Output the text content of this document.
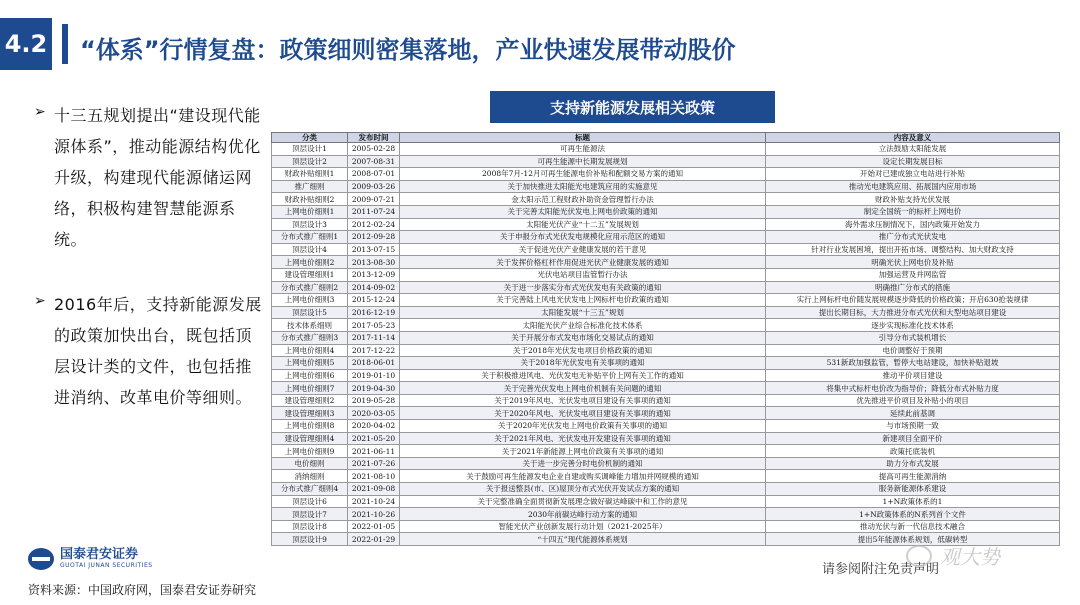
4.2 “体系”行情复盘：政策细则密集落地，产业快速发展带动股价
➢ 十三五规划提出“建设现代能源体系”，推动能源结构优化升级，构建现代能源储运网络，积极构建智慧能源系统。
➢ 2016年后，支持新能源发展的政策加快出台，既包括顶层设计类的文件，也包括推进消纳、改革电价等细则。
支持新能源发展相关政策
分类	发布时间	标题	内容及意义
顶层设计1	2005-02-28	可再生能源法	立法鼓励太阳能发展
顶层设计2	2007-08-31	可再生能源中长期发展规划	设定长期发展目标
财政补贴细则1	2008-07-01	2008年7月-12月可再生能源电价补贴和配额交易方案的通知	开始对已建成独立电站进行补贴
推广细则	2009-03-26	关于加快推进太阳能光电建筑应用的实施意见	推动光电建筑应用、拓展国内应用市场
财政补贴细则2	2009-07-21	金太阳示范工程财政补助资金管理暂行办法	财政补贴支持光伏发展
上网电价细则1	2011-07-24	关于完善太阳能光伏发电上网电价政策的通知	制定全国统一的标杆上网电价
顶层设计3	2012-02-24	太阳能光伏产业“十二五”发展规划	海外需求压制情况下，国内政策开始发力
分布式推广细则1	2012-09-28	关于申报分布式光伏发电规模化应用示范区的通知	推广分布式光伏发电
顶层设计4	2013-07-15	关于促进光伏产业健康发展的若干意见	针对行业发展困境，提出开拓市场、调整结构、加大财政支持
上网电价细则2	2013-08-30	关于发挥价格杠杆作用促进光伏产业健康发展的通知	明确光伏上网电价及补贴
建设管理细则1	2013-12-09	光伏电站项目监管暂行办法	加强运营及并网监管
分布式推广细则2	2014-09-02	关于进一步落实分布式光伏发电有关政策的通知	明确推广分布式的措施
上网电价细则3	2015-12-24	关于完善陆上风电光伏发电上网标杆电价政策的通知	实行上网标杆电价随发展规模逐步降低的价格政策；开启630抢装规律
顶层设计5	2016-12-19	太阳能发展“十三五”规划	提出长期目标，大力推进分布式光伏和大型电站项目建设
技术体系细则	2017-05-23	太阳能光伏产业综合标准化技术体系	逐步实现标准化技术体系
分布式推广细则3	2017-11-14	关于开展分布式发电市场化交易试点的通知	引导分布式装机增长
上网电价细则4	2017-12-22	关于2018年光伏发电项目价格政策的通知	电价调整好于预期
上网电价细则5	2018-06-01	关于2018年光伏发电有关事项的通知	531新政加强监管，暂停大电站建设，加快补贴退坡
上网电价细则6	2019-01-10	关于积极推进风电、光伏发电无补贴平价上网有关工作的通知	推动平价项目建设
上网电价细则7	2019-04-30	关于完善光伏发电上网电价机制有关问题的通知	将集中式标杆电价改为指导价；降低分布式补贴力度
建设管理细则2	2019-05-28	关于2019年风电、光伏发电项目建设有关事项的通知	优先推进平价项目及补贴小的项目
建设管理细则3	2020-03-05	关于2020年风电、光伏发电项目建设有关事项的通知	延续此前基调
上网电价细则8	2020-04-02	关于2020年光伏发电上网电价政策有关事项的通知	与市场预期一致
建设管理细则4	2021-05-20	关于2021年风电、光伏发电开发建设有关事项的通知	新建项目全面平价
上网电价细则9	2021-06-11	关于2021年新能源上网电价政策有关事项的通知	政策托底装机
电价细则	2021-07-26	关于进一步完善分时电价机制的通知	助力分布式发展
消纳细则	2021-08-10	关于鼓励可再生能源发电企业自建或购买调峰能力增加并网规模的通知	提高可再生能源消纳
分布式推广细则4	2021-09-08	关于报送整县(市、区)屋顶分布式光伏开发试点方案的通知	服务新能源体系建设
顶层设计6	2021-10-24	关于完整准确全面贯彻新发展理念做好碳达峰碳中和工作的意见	1+N政策体系的1
顶层设计7	2021-10-26	2030年前碳达峰行动方案的通知	1+N政策体系的N系列首个文件
顶层设计8	2022-01-05	智能光伏产业创新发展行动计划（2021-2025年）	推动光伏与新一代信息技术融合
顶层设计9	2022-01-29	“十四五”现代能源体系规划	提出5年能源体系规划，低碳转型
国泰君安证券
GUOTAI JUNAN SECURITIES
资料来源：中国政府网，国泰君安证券研究
请参阅附注免责声明
观大势
